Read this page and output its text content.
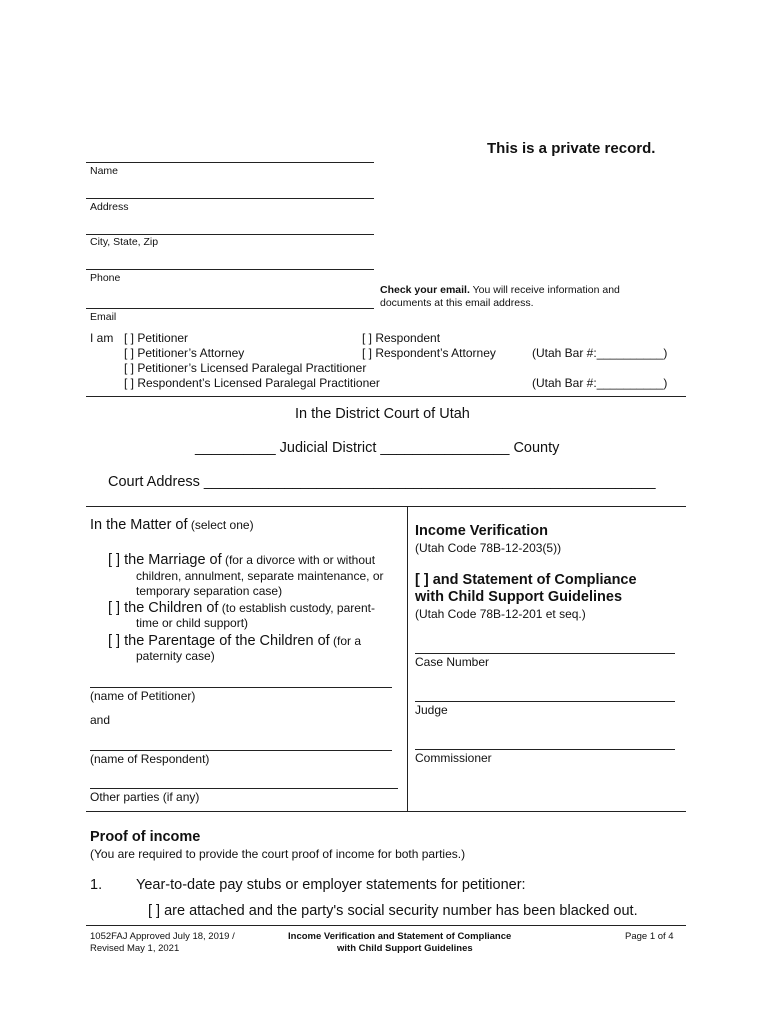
This is a private record.
Name
Address
City, State, Zip
Phone
Email
Check your email. You will receive information and
documents at this email address.
I am [ ] Petitioner	[ ] Respondent
[ ] Petitioner’s Attorney	[ ] Respondent’s Attorney	(Utah Bar #:__________)
[ ] Petitioner’s Licensed Paralegal Practitioner
[ ] Respondent’s Licensed Paralegal Practitioner	(Utah Bar #:__________)
In the District Court of Utah
__________ Judicial District ________________ County
Court Address ________________________________________________________
In the Matter of (select one)
[ ] the Marriage of (for a divorce with or without
children, annulment, separate maintenance, or
temporary separation case)
[ ] the Children of (to establish custody, parent-
time or child support)
[ ] the Parentage of the Children of (for a
paternity case)
(name of Petitioner)
and
(name of Respondent)
Other parties (if any)
Income Verification
(Utah Code 78B-12-203(5))
[ ] and Statement of Compliance
with Child Support Guidelines
(Utah Code 78B-12-201 et seq.)
Case Number
Judge
Commissioner
Proof of income
(You are required to provide the court proof of income for both parties.)
1. Year-to-date pay stubs or employer statements for petitioner:
[ ] are attached and the party's social security number has been blacked out.
1052FAJ Approved July 18, 2019 /
Revised May 1, 2021
Income Verification and Statement of Compliance
with Child Support Guidelines
Page 1 of 4
